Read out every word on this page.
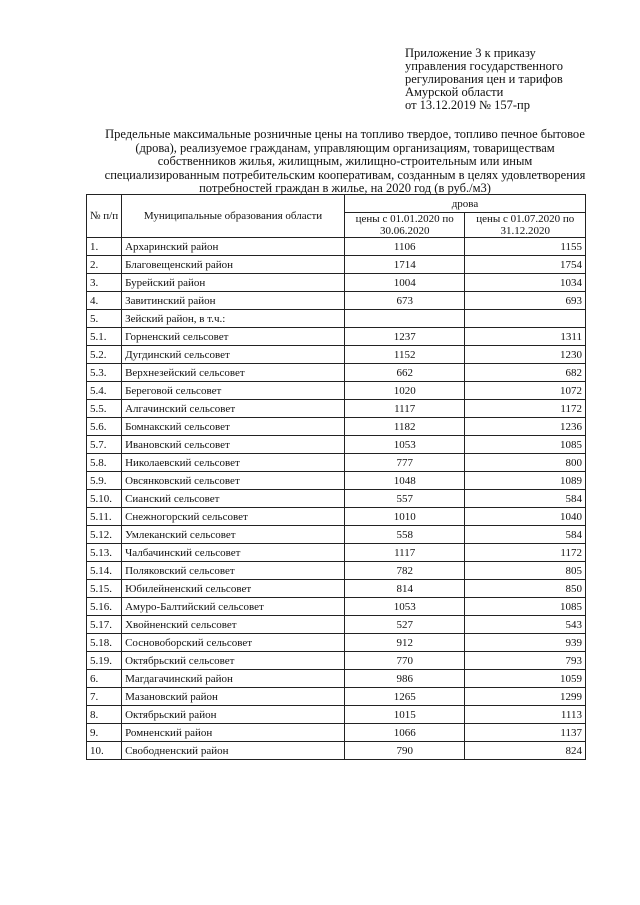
Приложение 3 к приказу
управления государственного
регулирования цен и тарифов
Амурской области
от 13.12.2019 № 157-пр
Предельные максимальные розничные цены на топливо твердое, топливо печное бытовое (дрова), реализуемое гражданам, управляющим организациям, товариществам собственников жилья, жилищным, жилищно-строительным или иным специализированным потребительским кооперативам, созданным в целях удовлетворения потребностей граждан в жилье, на 2020 год (в руб./м3)
№ п/п	Муниципальные образования области	дрова	
		цены с 01.01.2020 по 30.06.2020	цены с 01.07.2020 по 31.12.2020
1.	Архаринский район	1106	1155
2.	Благовещенский район	1714	1754
3.	Бурейский район	1004	1034
4.	Завитинский район	673	693
5.	Зейский район, в т.ч.:		
5.1.	Горненский сельсовет	1237	1311
5.2.	Дугдинский сельсовет	1152	1230
5.3.	Верхнезейский сельсовет	662	682
5.4.	Береговой сельсовет	1020	1072
5.5.	Алгачинский сельсовет	1117	1172
5.6.	Бомнакский сельсовет	1182	1236
5.7.	Ивановский сельсовет	1053	1085
5.8.	Николаевский сельсовет	777	800
5.9.	Овсянковский сельсовет	1048	1089
5.10.	Сианский сельсовет	557	584
5.11.	Снежногорский сельсовет	1010	1040
5.12.	Умлеканский сельсовет	558	584
5.13.	Чалбачинский сельсовет	1117	1172
5.14.	Поляковский сельсовет	782	805
5.15.	Юбилейненский сельсовет	814	850
5.16.	Амуро-Балтийский сельсовет	1053	1085
5.17.	Хвойненский сельсовет	527	543
5.18.	Сосновоборский сельсовет	912	939
5.19.	Октябрьский сельсовет	770	793
6.	Магдагачинский район	986	1059
7.	Мазановский район	1265	1299
8.	Октябрьский район	1015	1113
9.	Ромненский район	1066	1137
10.	Свободненский район	790	824
